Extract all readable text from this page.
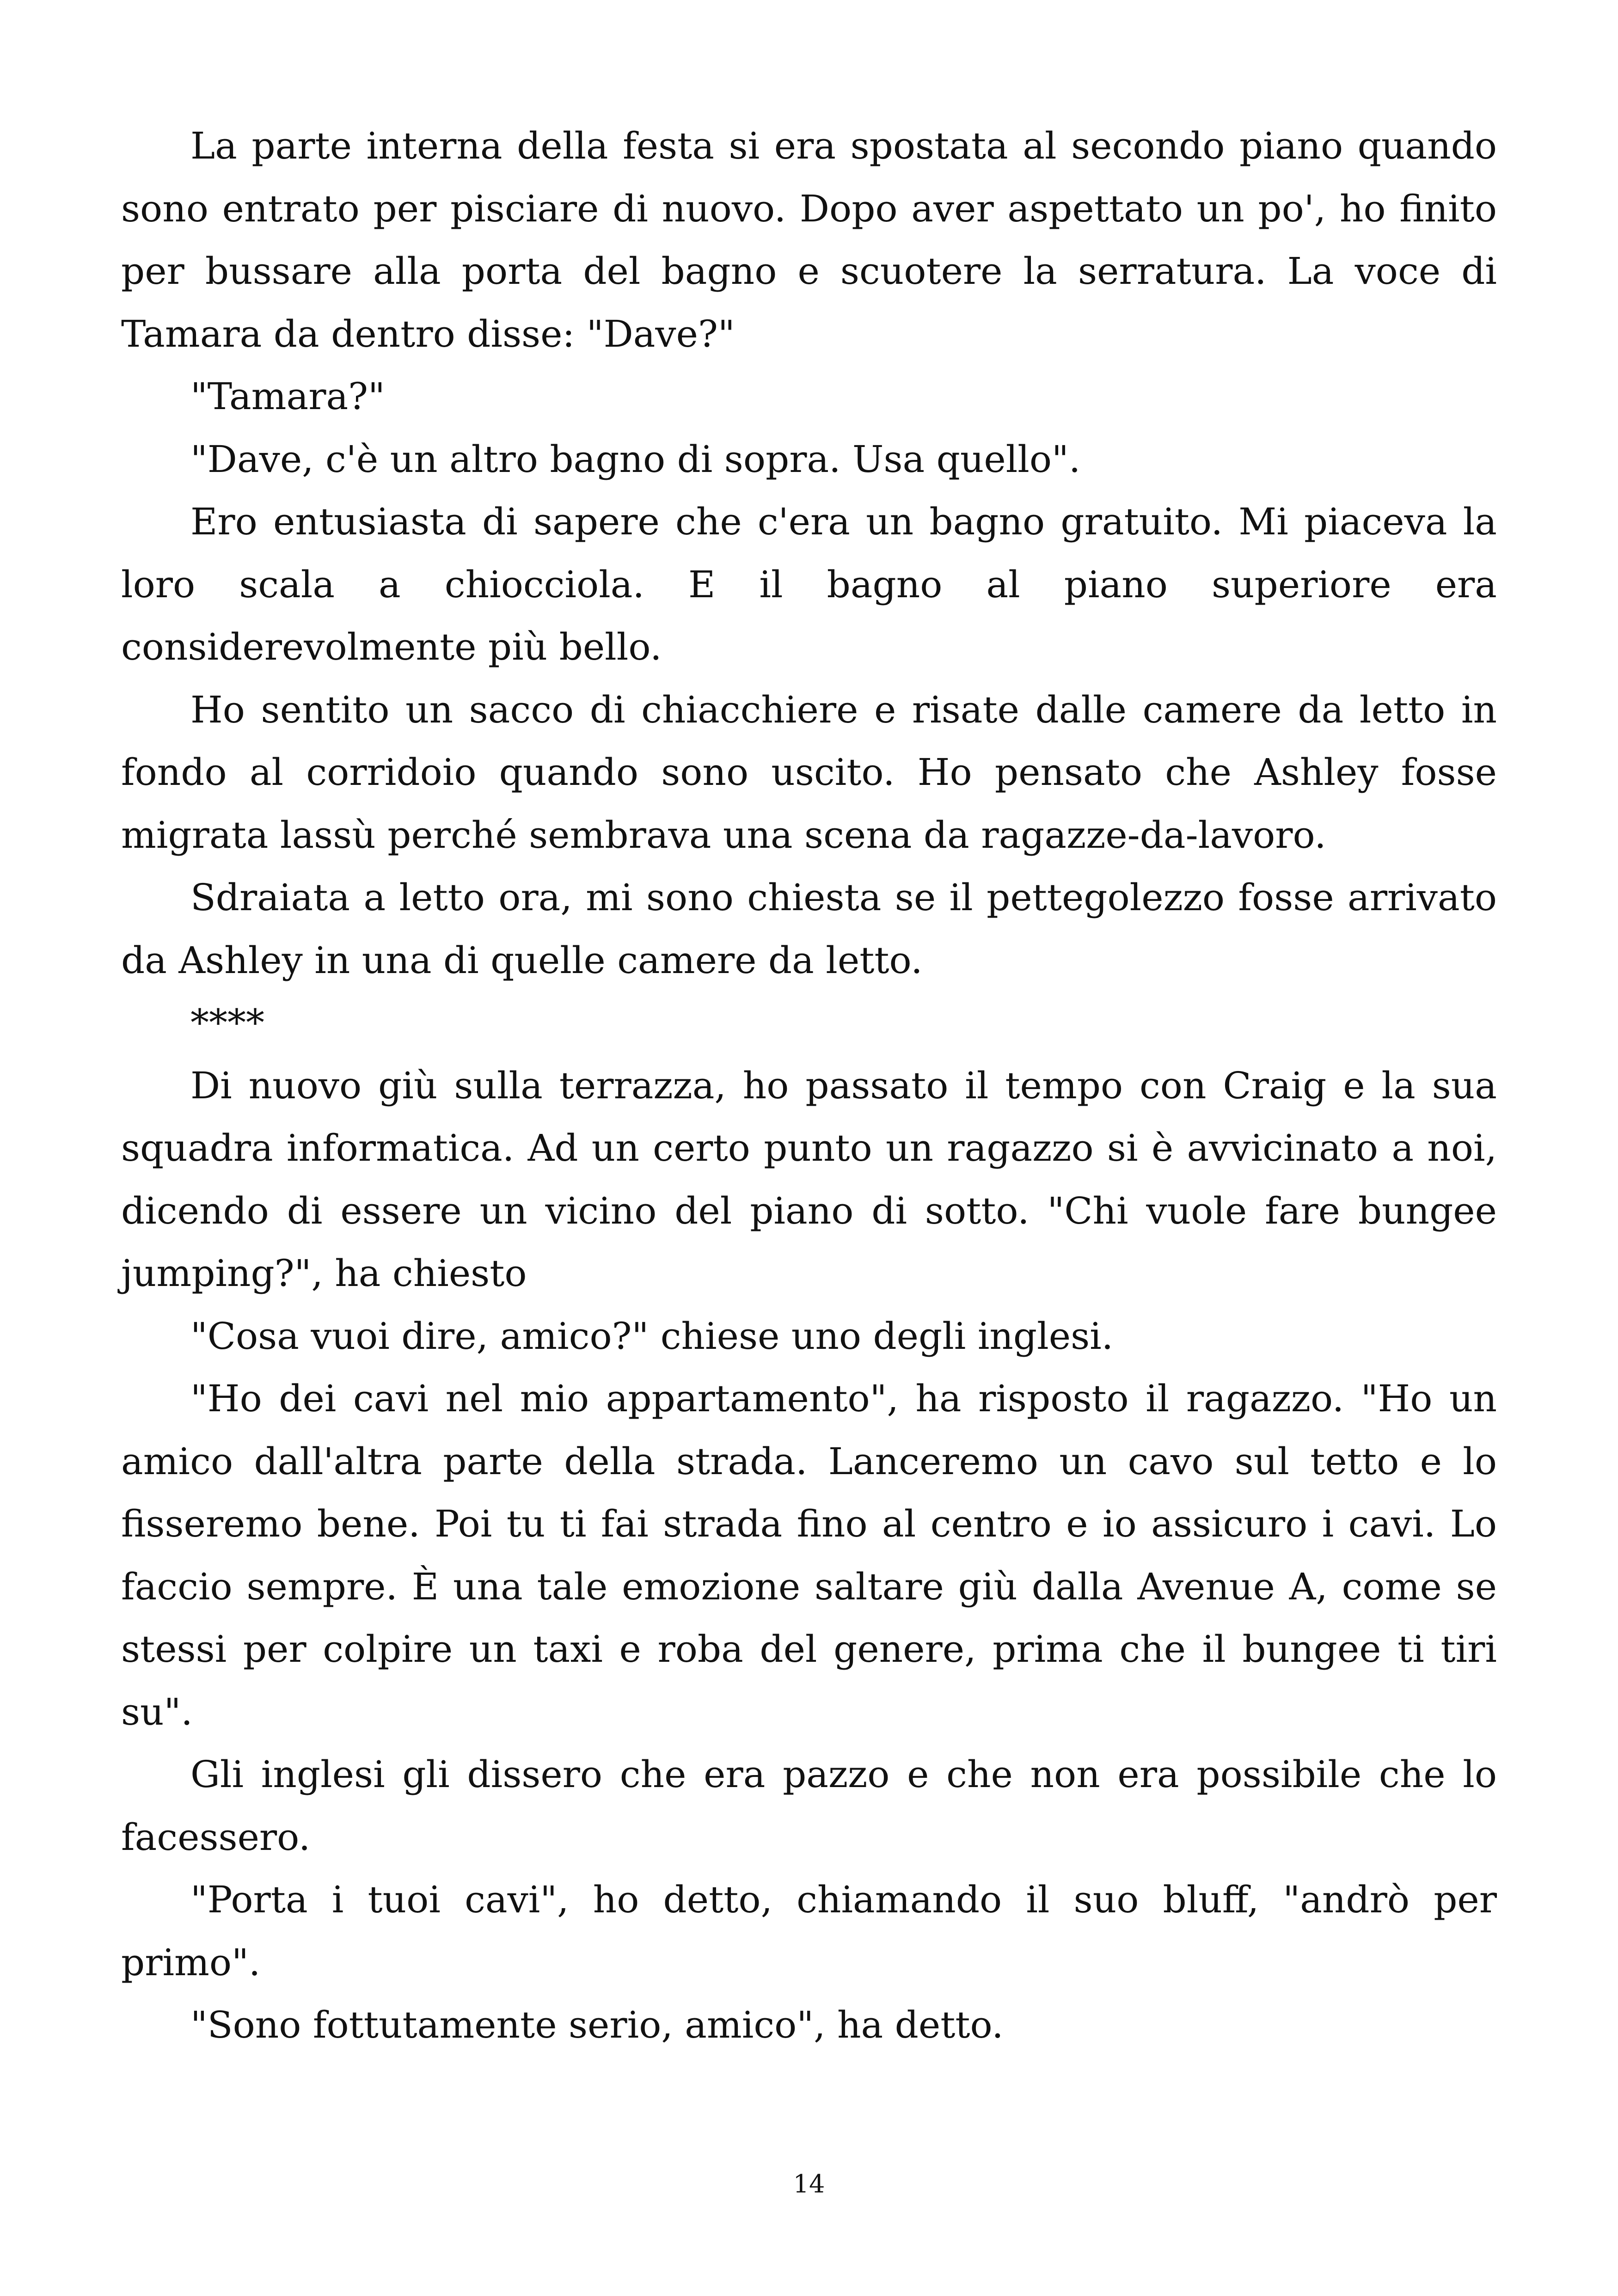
La parte interna della festa si era spostata al secondo piano quando sono entrato per pisciare di nuovo. Dopo aver aspettato un po', ho finito per bussare alla porta del bagno e scuotere la serratura. La voce di Tamara da dentro disse: "Dave?"

"Tamara?"

"Dave, c'è un altro bagno di sopra. Usa quello".

Ero entusiasta di sapere che c'era un bagno gratuito. Mi piaceva la loro scala a chiocciola. E il bagno al piano superiore era considerevolmente più bello.

Ho sentito un sacco di chiacchiere e risate dalle camere da letto in fondo al corridoio quando sono uscito. Ho pensato che Ashley fosse migrata lassù perché sembrava una scena da ragazze-da-lavoro.

Sdraiata a letto ora, mi sono chiesta se il pettegolezzo fosse arrivato da Ashley in una di quelle camere da letto.

****

Di nuovo giù sulla terrazza, ho passato il tempo con Craig e la sua squadra informatica. Ad un certo punto un ragazzo si è avvicinato a noi, dicendo di essere un vicino del piano di sotto. "Chi vuole fare bungee jumping?", ha chiesto

"Cosa vuoi dire, amico?" chiese uno degli inglesi.

"Ho dei cavi nel mio appartamento", ha risposto il ragazzo. "Ho un amico dall'altra parte della strada. Lanceremo un cavo sul tetto e lo fisseremo bene. Poi tu ti fai strada fino al centro e io assicuro i cavi. Lo faccio sempre. È una tale emozione saltare giù dalla Avenue A, come se stessi per colpire un taxi e roba del genere, prima che il bungee ti tiri su".

Gli inglesi gli dissero che era pazzo e che non era possibile che lo facessero.

"Porta i tuoi cavi", ho detto, chiamando il suo bluff, "andrò per primo".

"Sono fottutamente serio, amico", ha detto.

14
